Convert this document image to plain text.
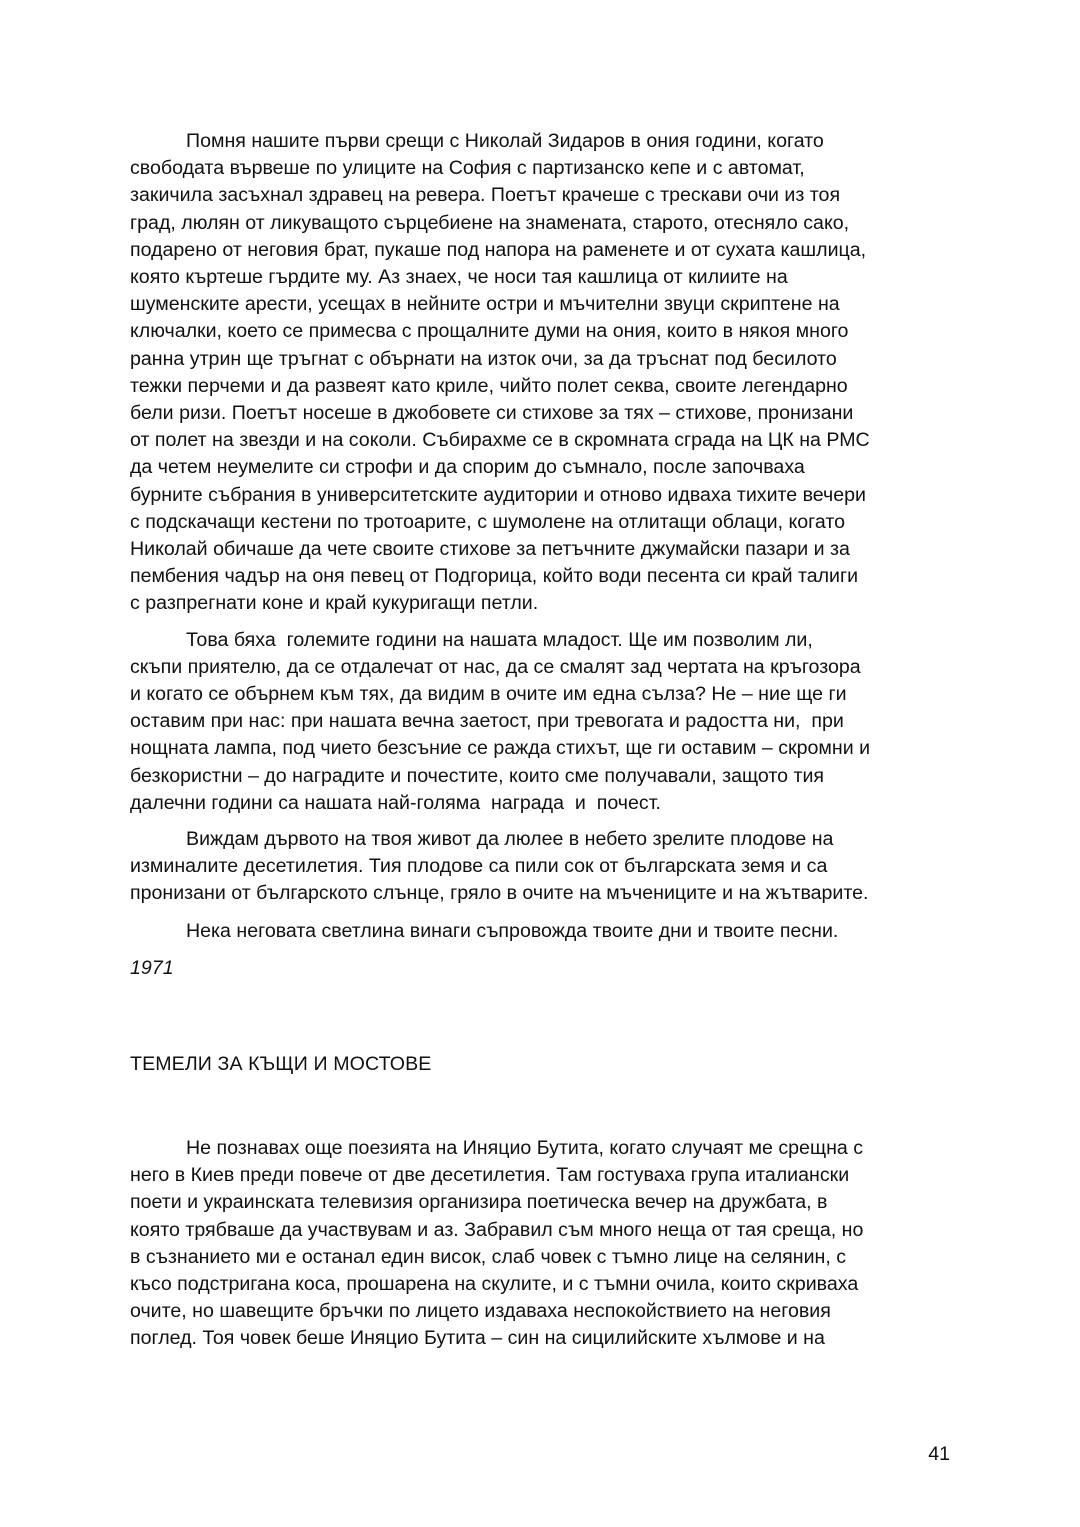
Помня нашите първи срещи с Николай Зидаров в ония години, когато
свободата вървеше по улиците на София с партизанско кепе и с автомат,
закичила засъхнал здравец на ревера. Поетът крачеше с трескави очи из тоя
град, люлян от ликуващото сърцебиене на знамената, старото, отесняло сако,
подарено от неговия брат, пукаше под напора на раменете и от сухата кашлица,
която къртеше гърдите му. Аз знаех, че носи тая кашлица от килиите на
шуменските арести, усещах в нейните остри и мъчителни звуци скриптене на
ключалки, което се примесва с прощалните думи на ония, които в някоя много
ранна утрин ще тръгнат с обърнати на изток очи, за да тръснат под бесилото
тежки перчеми и да развеят като криле, чийто полет секва, своите легендарно
бели ризи. Поетът носеше в джобовете си стихове за тях – стихове, пронизани
от полет на звезди и на соколи. Събирахме се в скромната сграда на ЦК на РМС
да четем неумелите си строфи и да спорим до съмнало, после започваха
бурните събрания в университетските аудитории и отново идваха тихите вечери
с подскачащи кестени по тротоарите, с шумолене на отлитащи облаци, когато
Николай обичаше да чете своите стихове за петъчните джумайски пазари и за
пембения чадър на оня певец от Подгорица, който води песента си край талиги
с разпрегнати коне и край кукуригащи петли.

Това бяха  големите години на нашата младост. Ще им позволим ли,
скъпи приятелю, да се отдалечат от нас, да се смалят зад чертата на кръгозора
и когато се обърнем към тях, да видим в очите им една сълза? Не – ние ще ги
оставим при нас: при нашата вечна заетост, при тревогата и радостта ни,  при
нощната лампа, под чието безсъние се ражда стихът, ще ги оставим – скромни и
безкористни – до наградите и почестите, които сме получавали, защото тия
далечни години са нашата най-голяма  награда  и  почест.

Виждам дървото на твоя живот да люлее в небето зрелите плодове на
изминалите десетилетия. Тия плодове са пили сок от българската земя и са
пронизани от българското слънце, гряло в очите на мъчениците и на жътварите.

Нека неговата светлина винаги съпровожда твоите дни и твоите песни.

1971

ТЕМЕЛИ ЗА КЪЩИ И МОСТОВЕ

Не познавах още поезията на Иняцио Бутита, когато случаят ме срещна с
него в Киев преди повече от две десетилетия. Там гостуваха група италиански
поети и украинската телевизия организира поетическа вечер на дружбата, в
която трябваше да участвувам и аз. Забравил съм много неща от тая среща, но
в съзнанието ми е останал един висок, слаб човек с тъмно лице на селянин, с
късо подстригана коса, прошарена на скулите, и с тъмни очила, които скриваха
очите, но шавещите бръчки по лицето издаваха неспокойствието на неговия
поглед. Тоя човек беше Иняцио Бутита – син на сицилийските хълмове и на

41
